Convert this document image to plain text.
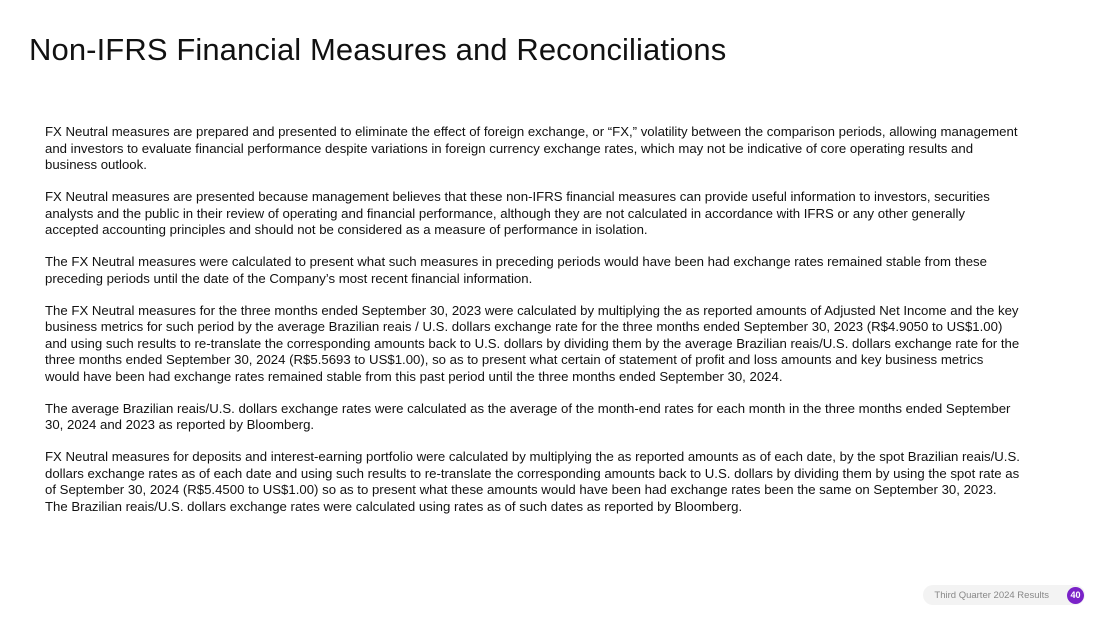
Non-IFRS Financial Measures and Reconciliations

FX Neutral measures are prepared and presented to eliminate the effect of foreign exchange, or “FX,” volatility between the comparison periods, allowing management and investors to evaluate financial performance despite variations in foreign currency exchange rates, which may not be indicative of core operating results and business outlook.

FX Neutral measures are presented because management believes that these non-IFRS financial measures can provide useful information to investors, securities analysts and the public in their review of operating and financial performance, although they are not calculated in accordance with IFRS or any other generally accepted accounting principles and should not be considered as a measure of performance in isolation.

The FX Neutral measures were calculated to present what such measures in preceding periods would have been had exchange rates remained stable from these preceding periods until the date of the Company’s most recent financial information.

The FX Neutral measures for the three months ended September 30, 2023 were calculated by multiplying the as reported amounts of Adjusted Net Income and the key business metrics for such period by the average Brazilian reais / U.S. dollars exchange rate for the three months ended September 30, 2023 (R$4.9050 to US$1.00) and using such results to re-translate the corresponding amounts back to U.S. dollars by dividing them by the average Brazilian reais/U.S. dollars exchange rate for the three months ended September 30, 2024 (R$5.5693 to US$1.00), so as to present what certain of statement of profit and loss amounts and key business metrics would have been had exchange rates remained stable from this past period until the three months ended September 30, 2024.

The average Brazilian reais/U.S. dollars exchange rates were calculated as the average of the month-end rates for each month in the three months ended September 30, 2024 and 2023 as reported by Bloomberg.

FX Neutral measures for deposits and interest-earning portfolio were calculated by multiplying the as reported amounts as of each date, by the spot Brazilian reais/U.S. dollars exchange rates as of each date and using such results to re-translate the corresponding amounts back to U.S. dollars by dividing them by using the spot rate as of September 30, 2024 (R$5.4500 to US$1.00) so as to present what these amounts would have been had exchange rates been the same on September 30, 2023. The Brazilian reais/U.S. dollars exchange rates were calculated using rates as of such dates as reported by Bloomberg.

Third Quarter 2024 Results	40
